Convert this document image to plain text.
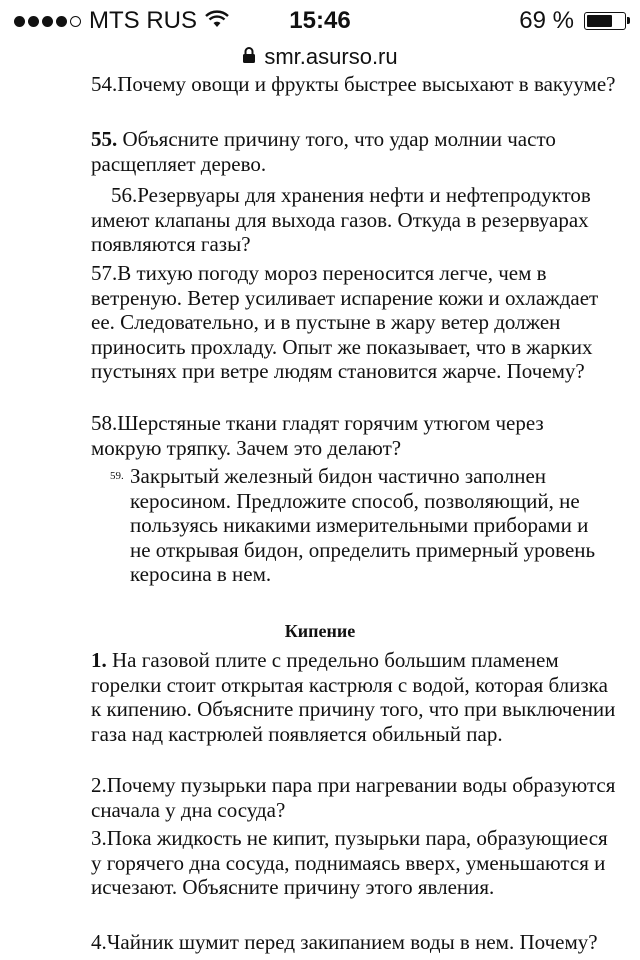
MTS RUS	15:46	69 %
smr.asurso.ru

54.Почему овощи и фрукты быстрее высыхают в вакууме?

55. Объясните причину того, что удар молнии часто расщепляет дерево.

56.Резервуары для хранения нефти и нефтепродуктов имеют клапаны для выхода газов. Откуда в резервуарах появляются газы?

57.В тихую погоду мороз переносится легче, чем в ветреную. Ветер усиливает испарение кожи и охлаждает ее. Следовательно, и в пустыне в жару ветер должен приносить прохладу. Опыт же показывает, что в жарких пустынях при ветре людям становится жарче. Почему?

58.Шерстяные ткани гладят горячим утюгом через мокрую тряпку. Зачем это делают?

59. Закрытый железный бидон частично заполнен керосином. Предложите способ, позволяющий, не пользуясь никакими измерительными приборами и не открывая бидон, определить примерный уровень керосина в нем.

Кипение

1. На газовой плите с предельно большим пламенем горелки стоит открытая кастрюля с водой, которая близка к кипению. Объясните причину того, что при выключении газа над кастрюлей появляется обильный пар.

2.Почему пузырьки пара при нагревании воды образуются сначала у дна сосуда?

3.Пока жидкость не кипит, пузырьки пара, образующиеся у горячего дна сосуда, поднимаясь вверх, уменьшаются и исчезают. Объясните причину этого явления.

4.Чайник шумит перед закипанием воды в нем. Почему?
